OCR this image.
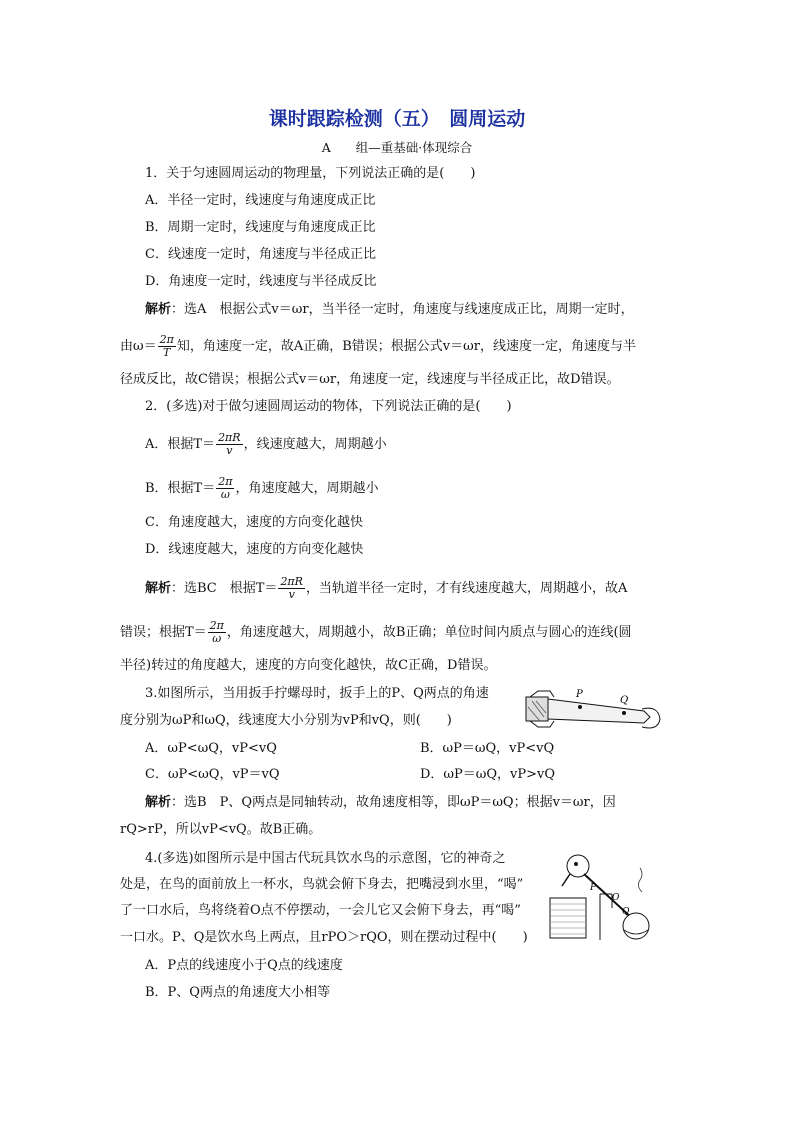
课时跟踪检测（五）　圆周运动
A　　组—重基础·体现综合
1．关于匀速圆周运动的物理量，下列说法正确的是(　　)
A．半径一定时，线速度与角速度成正比
B．周期一定时，线速度与角速度成正比
C．线速度一定时，角速度与半径成正比
D．角速度一定时，线速度与半径成反比
解析：选A　根据公式v＝ωr，当半径一定时，角速度与线速度成正比，周期一定时，
由$\omega= \frac{2\pi}{T}$ 知，角速度一定，故A正确，B错误；根据公式v＝ωr，线速度一定，角速度与半
径成反比，故C错误；根据公式v＝ωr，角速度一定，线速度与半径成正比，故D错误。
2．(多选)对于做匀速圆周运动的物体，下列说法正确的是(　　)
A．根据$T= \frac{2\pi R}{v}$ ，线速度越大，周期越小
B．根据$T= \frac{2\pi}{\omega}$ ，角速度越大，周期越小
C．角速度越大，速度的方向变化越快
D．线速度越大，速度的方向变化越快
解析：选BC　根据$T= \frac{2\pi R}{v}$ ，当轨道半径一定时，才有线速度越大，周期越小，故A
错误；根据$T= \frac{2\pi}{\omega}$ ，角速度越大，周期越小，故B正确；单位时间内质点与圆心的连线(圆
半径)转过的角度越大，速度的方向变化越快，故C正确，D错误。
3.如图所示，当用扳手拧螺母时，扳手上的P、Q两点的角速
度分别为ωP和ωQ，线速度大小分别为vP和vQ，则(　　)
A．ωP<ωQ，vP<vQ	B．ωP＝ωQ，vP<vQ
C．ωP<ωQ，vP＝vQ	D．ωP＝ωQ，vP>vQ
解析：选B　P、Q两点是同轴转动，故角速度相等，即ωP＝ωQ；根据v＝ωr，因
rQ>rP，所以vP<vQ。故B正确。
P
Q
4.(多选)如图所示是中国古代玩具饮水鸟的示意图，它的神奇之
处是，在鸟的面前放上一杯水，鸟就会俯下身去，把嘴浸到水里，“喝”
了一口水后，鸟将绕着O点不停摆动，一会儿它又会俯下身去，再“喝”
一口水。P、Q是饮水鸟上两点，且rPO＞rQO，则在摆动过程中(　　)
A．P点的线速度小于Q点的线速度
B．P、Q两点的角速度大小相等
P
O
Q
